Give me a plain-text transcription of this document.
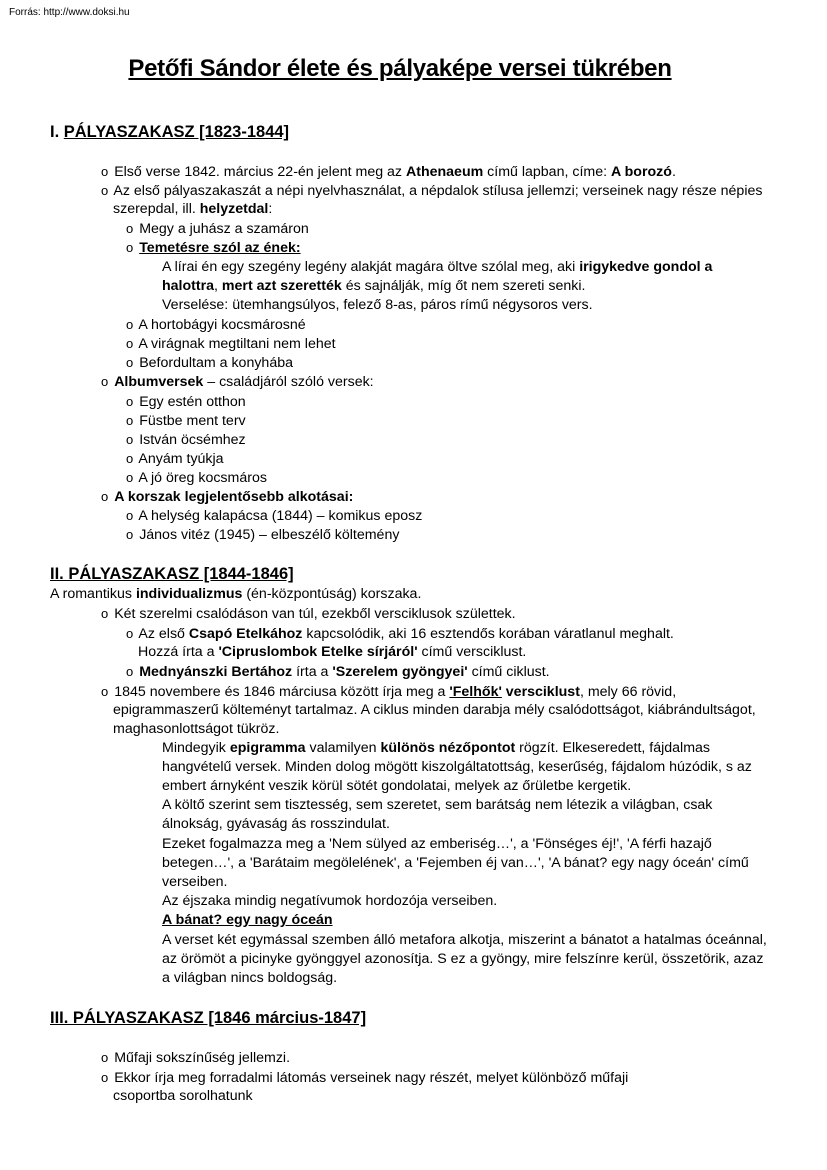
Forrás: http://www.doksi.hu
Petőfi Sándor élete és pályaképe versei tükrében
I. PÁLYASZAKASZ [1823-1844]
o Első verse 1842. március 22-én jelent meg az Athenaeum című lapban, címe: A borozó.
o Az első pályaszakaszát a népi nyelvhasználat, a népdalok stílusa jellemzi; verseinek nagy része népies
szerepdal, ill. helyzetdal:
o Megy a juhász a szamáron
o Temetésre szól az ének:
A lírai én egy szegény legény alakját magára öltve szólal meg, aki irigykedve gondol a
halottra, mert azt szerették és sajnálják, míg őt nem szereti senki.
Verselése: ütemhangsúlyos, felező 8-as, páros rímű négysoros vers.
o A hortobágyi kocsmárosné
o A virágnak megtiltani nem lehet
o Befordultam a konyhába
o Albumversek – családjáról szóló versek:
o Egy estén otthon
o Füstbe ment terv
o István öcsémhez
o Anyám tyúkja
o A jó öreg kocsmáros
o A korszak legjelentősebb alkotásai:
o A helység kalapácsa (1844) – komikus eposz
o János vitéz (1945) – elbeszélő költemény
II. PÁLYASZAKASZ [1844-1846]
A romantikus individualizmus (én-központúság) korszaka.
o Két szerelmi csalódáson van túl, ezekből versciklusok születtek.
o Az első Csapó Etelkához kapcsolódik, aki 16 esztendős korában váratlanul meghalt.
Hozzá írta a 'Cipruslombok Etelke sírjáról' című versciklust.
o Mednyánszki Bertához írta a 'Szerelem gyöngyei' című ciklust.
o 1845 novembere és 1846 márciusa között írja meg a 'Felhők' versciklust, mely 66 rövid,
epigrammaszerű költeményt tartalmaz. A ciklus minden darabja mély csalódottságot, kiábrándultságot,
maghasonlottságot tükröz.
Mindegyik epigramma valamilyen különös nézőpontot rögzít. Elkeseredett, fájdalmas
hangvételű versek. Minden dolog mögött kiszolgáltatottság, keserűség, fájdalom húzódik, s az
embert árnyként veszik körül sötét gondolatai, melyek az őrületbe kergetik.
A költő szerint sem tisztesség, sem szeretet, sem barátság nem létezik a világban, csak
álnokság, gyávaság ás rosszindulat.
Ezeket fogalmazza meg a 'Nem sülyed az emberiség…', a 'Fönséges éj!', 'A férfi hazajő
betegen…', a 'Barátaim megölelének', a 'Fejemben éj van…', 'A bánat? egy nagy óceán' című
verseiben.
Az éjszaka mindig negatívumok hordozója verseiben.
A bánat? egy nagy óceán
A verset két egymással szemben álló metafora alkotja, miszerint a bánatot a hatalmas óceánnal,
az örömöt a picinyke gyönggyel azonosítja. S ez a gyöngy, mire felszínre kerül, összetörik, azaz
a világban nincs boldogság.
III. PÁLYASZAKASZ [1846 március-1847]
o Műfaji sokszínűség jellemzi.
o Ekkor írja meg forradalmi látomás verseinek nagy részét, melyet különböző műfaji
csoportba sorolhatunk
